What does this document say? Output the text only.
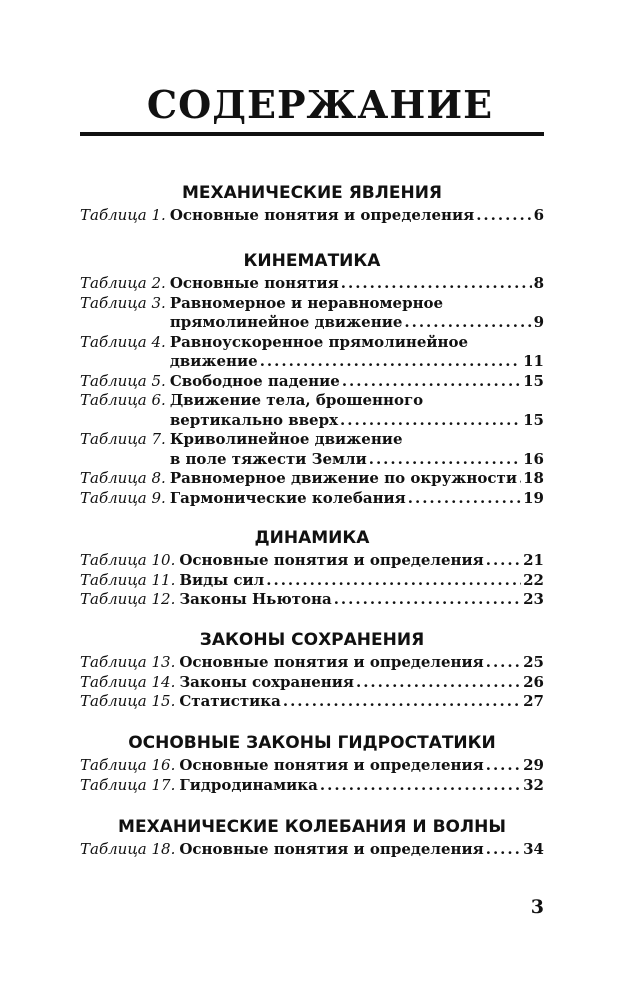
СОДЕРЖАНИЕ
МЕХАНИЧЕСКИЕ ЯВЛЕНИЯ
Таблица 1. Основные понятия и определения .....	6
КИНЕМАТИКА
Таблица 2. Основные понятия .....	8
Таблица 3. Равномерное и неравномерное
прямолинейное движение .....	9
Таблица 4. Равноускоренное прямолинейное
движение .....	11
Таблица 5. Свободное падение .....	15
Таблица 6. Движение тела, брошенного
вертикально вверх .....	15
Таблица 7. Криволинейное движение
в поле тяжести Земли .....	16
Таблица 8. Равномерное движение по окружности ..... 18
Таблица 9. Гармонические колебания .....	19
ДИНАМИКА
Таблица 10. Основные понятия и определения .....	21
Таблица 11. Виды сил .....	22
Таблица 12. Законы Ньютона .....	23
ЗАКОНЫ СОХРАНЕНИЯ
Таблица 13. Основные понятия и определения .....	25
Таблица 14. Законы сохранения .....	26
Таблица 15. Статистика .....	27
ОСНОВНЫЕ ЗАКОНЫ ГИДРОСТАТИКИ
Таблица 16. Основные понятия и определения .....	29
Таблица 17. Гидродинамика .....	32
МЕХАНИЧЕСКИЕ КОЛЕБАНИЯ И ВОЛНЫ
Таблица 18. Основные понятия и определения .....	34
3
